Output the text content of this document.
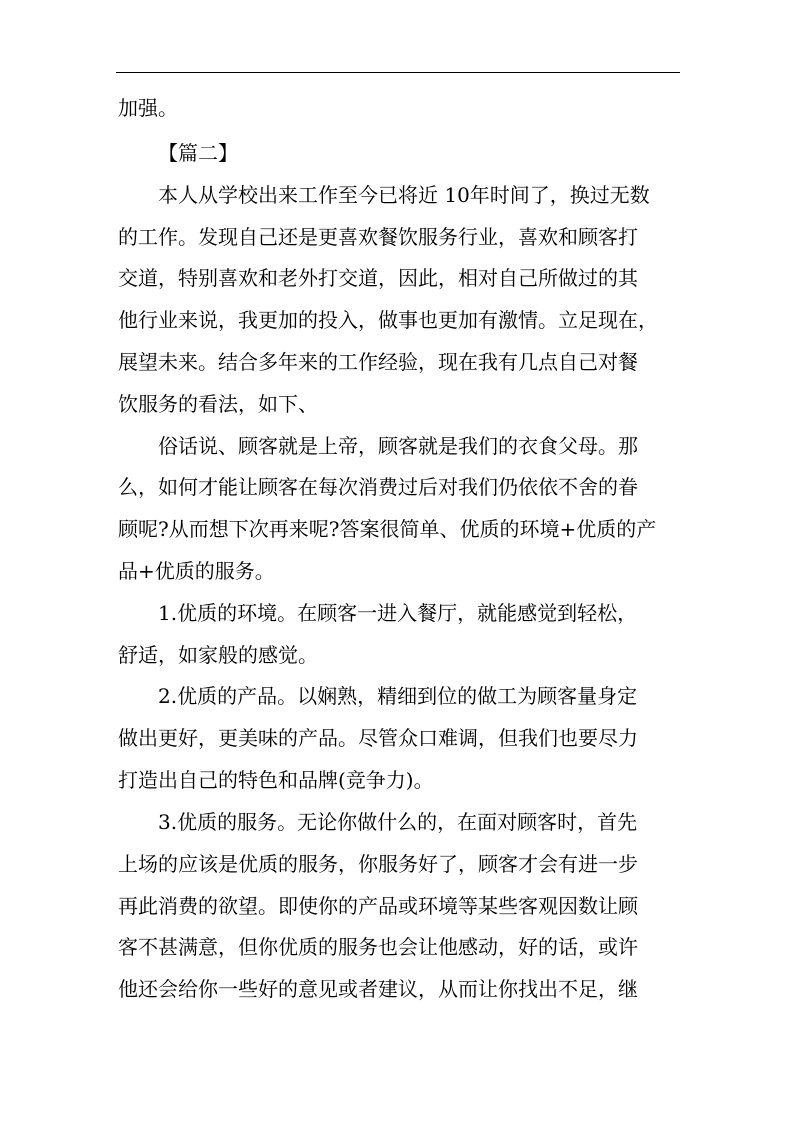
加强。
【篇二】
本人从学校出来工作至今已将近 10年时间了，换过无数
的工作。发现自己还是更喜欢餐饮服务行业，喜欢和顾客打
交道，特别喜欢和老外打交道，因此，相对自己所做过的其
他行业来说，我更加的投入，做事也更加有激情。立足现在，
展望未来。结合多年来的工作经验，现在我有几点自己对餐
饮服务的看法，如下、
俗话说、顾客就是上帝，顾客就是我们的衣食父母。那
么，如何才能让顾客在每次消费过后对我们仍依依不舍的眷
顾呢?从而想下次再来呢?答案很简单、优质的环境+优质的产
品+优质的服务。
1.优质的环境。在顾客一进入餐厅，就能感觉到轻松，
舒适，如家般的感觉。
2.优质的产品。以娴熟，精细到位的做工为顾客量身定
做出更好，更美味的产品。尽管众口难调，但我们也要尽力
打造出自己的特色和品牌(竞争力)。
3.优质的服务。无论你做什么的，在面对顾客时，首先
上场的应该是优质的服务，你服务好了，顾客才会有进一步
再此消费的欲望。即使你的产品或环境等某些客观因数让顾
客不甚满意，但你优质的服务也会让他感动，好的话，或许
他还会给你一些好的意见或者建议，从而让你找出不足，继
